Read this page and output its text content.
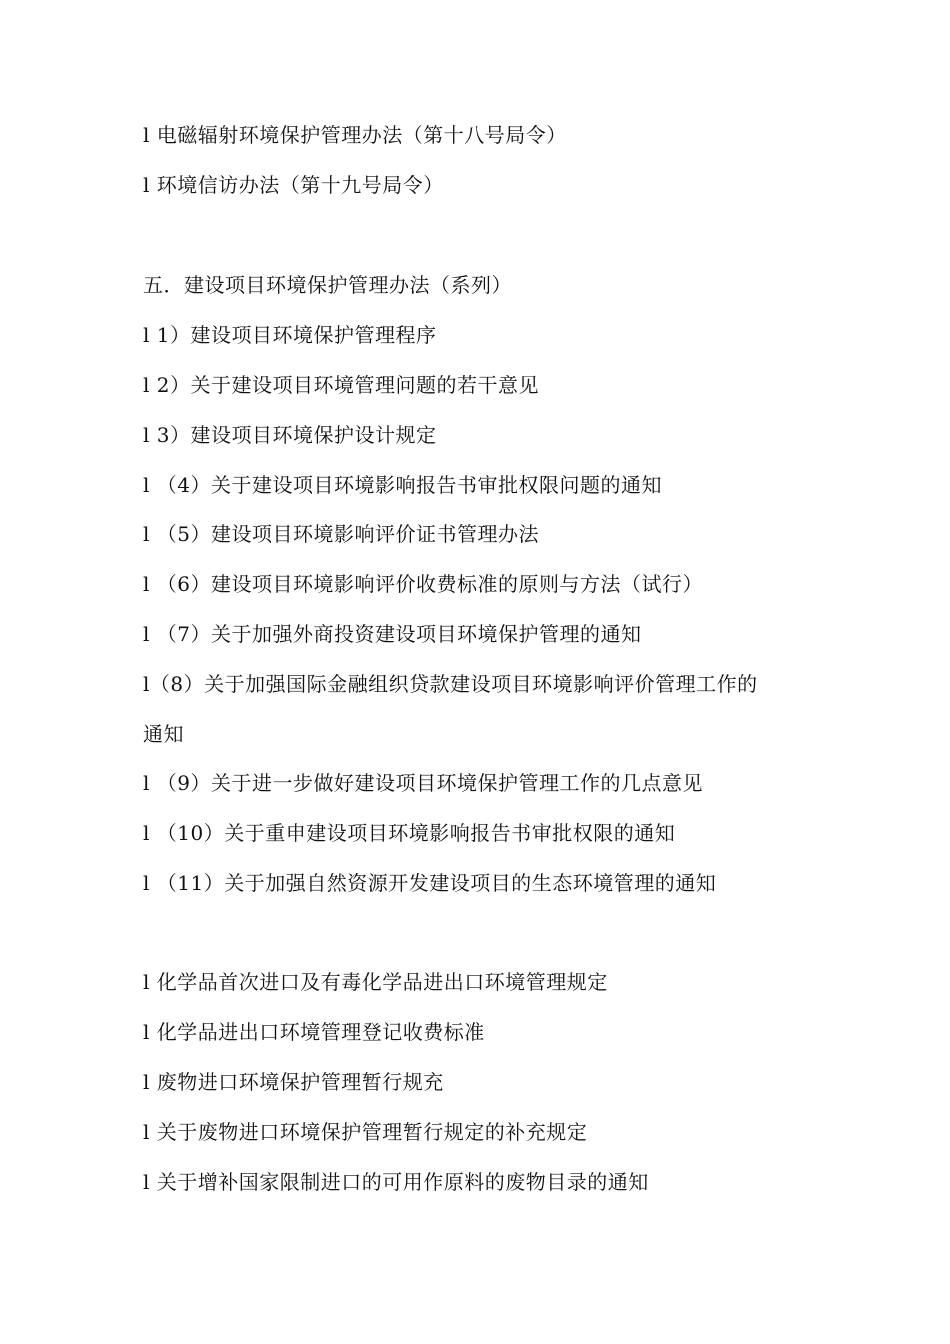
l 电磁辐射环境保护管理办法（第十八号局令）
l 环境信访办法（第十九号局令）
五．建设项目环境保护管理办法（系列）
l 1）建设项目环境保护管理程序
l 2）关于建设项目环境管理问题的若干意见
l 3）建设项目环境保护设计规定
l （4）关于建设项目环境影响报告书审批权限问题的通知
l （5）建设项目环境影响评价证书管理办法
l （6）建设项目环境影响评价收费标准的原则与方法（试行）
l （7）关于加强外商投资建设项目环境保护管理的通知
l（8）关于加强国际金融组织贷款建设项目环境影响评价管理工作的
通知
l （9）关于进一步做好建设项目环境保护管理工作的几点意见
l （10）关于重申建设项目环境影响报告书审批权限的通知
l （11）关于加强自然资源开发建设项目的生态环境管理的通知
l 化学品首次进口及有毒化学品进出口环境管理规定
l 化学品进出口环境管理登记收费标准
l 废物进口环境保护管理暂行规充
l 关于废物进口环境保护管理暂行规定的补充规定
l 关于增补国家限制进口的可用作原料的废物目录的通知
